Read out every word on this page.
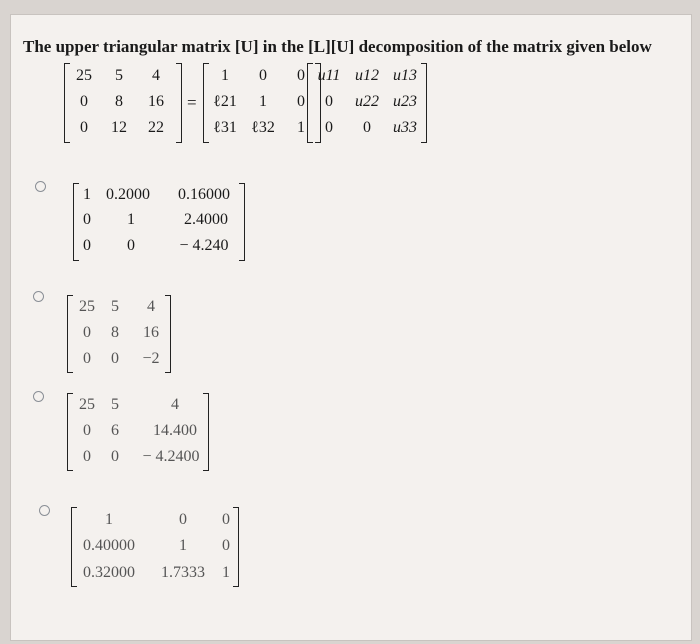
The upper triangular matrix [U] in the [L][U] decomposition of the matrix given below
25 5 4
0 8 16
0 12 22
=
1 0 0
ℓ21 1 0
ℓ31 ℓ32 1
u11 u12 u13
0 u22 u23
0 0 u33
1 0.2000 0.16000
0 1	2.4000
0 0	− 4.240
25 5 4
0 8 16
0 0 −2
25 5	4
0 6 14.400
0 0 − 4.2400
1	0 0
0.40000	1 0
0.32000 1.7333 1
